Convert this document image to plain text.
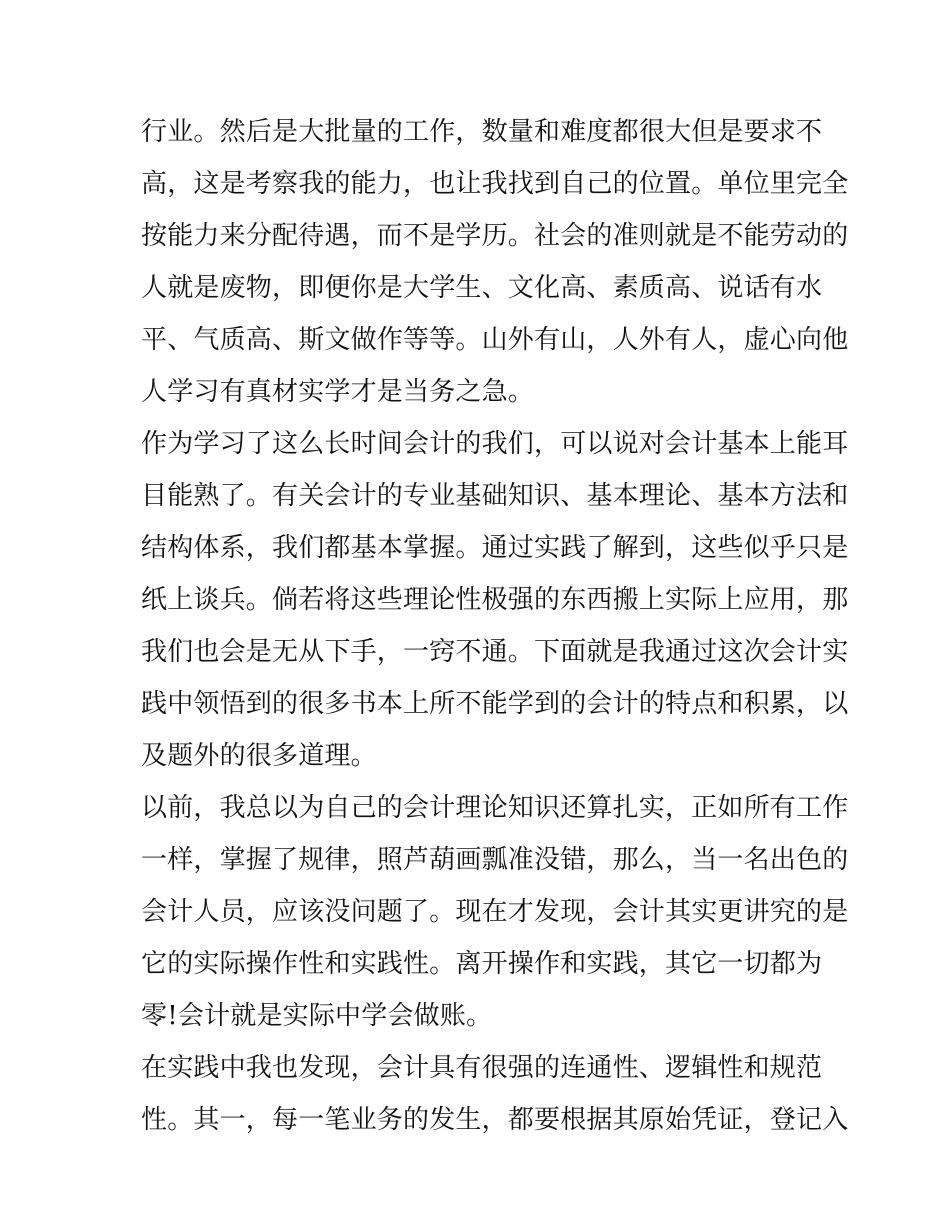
行业。然后是大批量的工作，数量和难度都很大但是要求不
高，这是考察我的能力，也让我找到自己的位置。单位里完全
按能力来分配待遇，而不是学历。社会的准则就是不能劳动的
人就是废物，即便你是大学生、文化高、素质高、说话有水
平、气质高、斯文做作等等。山外有山，人外有人，虚心向他
人学习有真材实学才是当务之急。
作为学习了这么长时间会计的我们，可以说对会计基本上能耳
目能熟了。有关会计的专业基础知识、基本理论、基本方法和
结构体系，我们都基本掌握。通过实践了解到，这些似乎只是
纸上谈兵。倘若将这些理论性极强的东西搬上实际上应用，那
我们也会是无从下手，一窍不通。下面就是我通过这次会计实
践中领悟到的很多书本上所不能学到的会计的特点和积累，以
及题外的很多道理。
以前，我总以为自己的会计理论知识还算扎实，正如所有工作
一样，掌握了规律，照芦葫画瓢准没错，那么，当一名出色的
会计人员，应该没问题了。现在才发现，会计其实更讲究的是
它的实际操作性和实践性。离开操作和实践，其它一切都为
零!会计就是实际中学会做账。
在实践中我也发现，会计具有很强的连通性、逻辑性和规范
性。其一，每一笔业务的发生，都要根据其原始凭证，登记入
